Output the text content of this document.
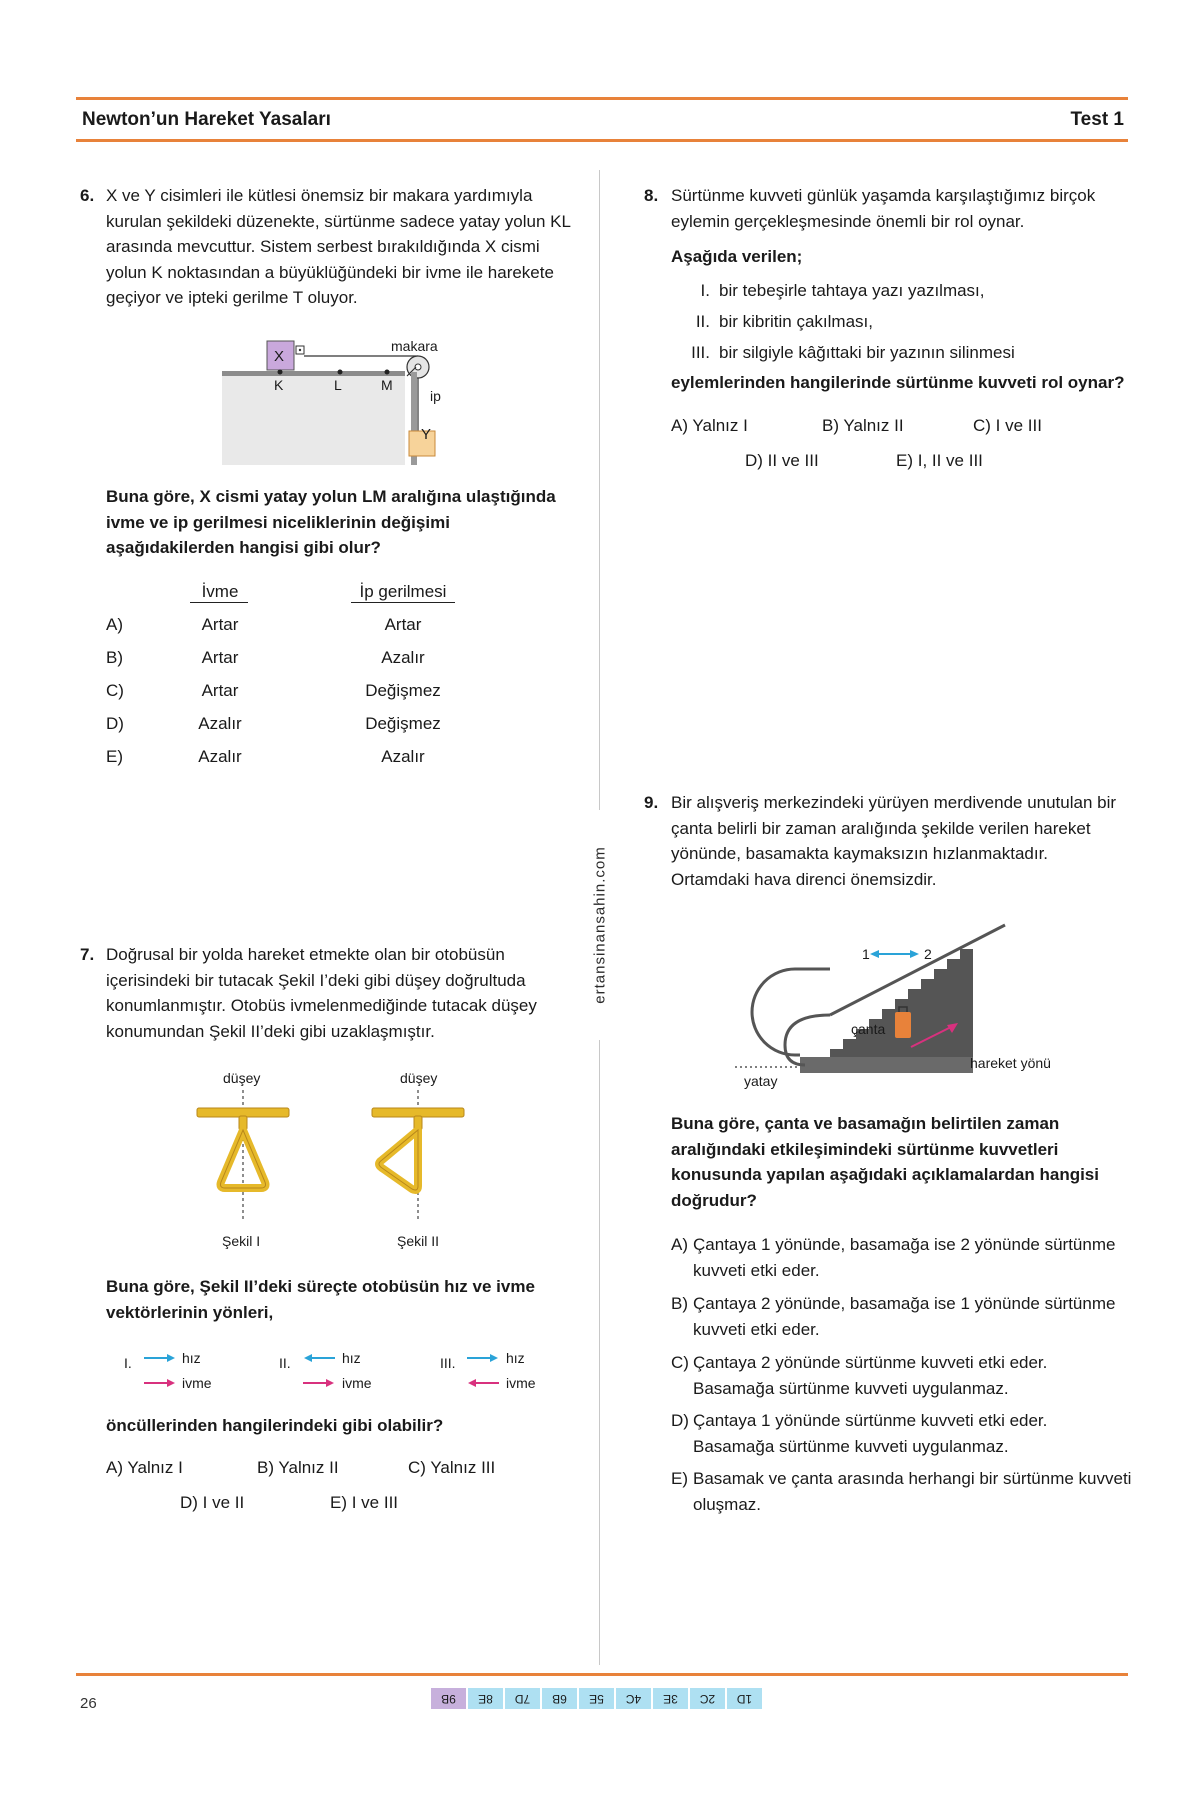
Newton’un Hareket Yasaları	Test 1
ertansinansahin.com
6. X ve Y cisimleri ile kütlesi önemsiz bir makara yardımıyla kurulan şekildeki düzenekte, sürtünme sadece yatay yolun KL arasında mevcuttur. Sistem serbest bırakıldığında X cismi yolun K noktasından a büyüklüğündeki bir ivme ile harekete geçiyor ve ipteki gerilme T oluyor.
X
Y
K	L	M
makara
ip
Buna göre, X cismi yatay yolun LM aralığına ulaştığında ivme ve ip gerilmesi niceliklerinin değişimi aşağıdakilerden hangisi gibi olur?
İvme	İp gerilmesi
A)	Artar	Artar
B)	Artar	Azalır
C)	Artar	Değişmez
D)	Azalır	Değişmez
E)	Azalır	Azalır
7. Doğrusal bir yolda hareket etmekte olan bir otobüsün içerisindeki bir tutacak Şekil I’deki gibi düşey doğrultuda konumlanmıştır. Otobüs ivmelenmediğinde tutacak düşey konumundan Şekil II’deki gibi uzaklaşmıştır.
düşey	düşey
Şekil I	Şekil II
Buna göre, Şekil II’deki süreçte otobüsün hız ve ivme vektörlerinin yönleri,
I.	hız
ivme
II.	hız
ivme
III.	hız
ivme
öncüllerinden hangilerindeki gibi olabilir?
A) Yalnız I	B) Yalnız II	C) Yalnız III
D) I ve II	E) I ve III
8. Sürtünme kuvveti günlük yaşamda karşılaştığımız birçok eylemin gerçekleşmesinde önemli bir rol oynar.
Aşağıda verilen;
I. bir tebeşirle tahtaya yazı yazılması,
II. bir kibritin çakılması,
III. bir silgiyle kâğıttaki bir yazının silinmesi
eylemlerinden hangilerinde sürtünme kuvveti rol oynar?
A) Yalnız I	B) Yalnız II	C) I ve III
D) II ve III	E) I, II ve III
9. Bir alışveriş merkezindeki yürüyen merdivende unutulan bir çanta belirli bir zaman aralığında şekilde verilen hareket yönünde, basamakta kaymaksızın hızlanmaktadır. Ortamdaki hava direnci önemsizdir.
1	2
çanta
yatay
hareket yönü
Buna göre, çanta ve basamağın belirtilen zaman aralığındaki etkileşimindeki sürtünme kuvvetleri konusunda yapılan aşağıdaki açıklamalardan hangisi doğrudur?
A) Çantaya 1 yönünde, basamağa ise 2 yönünde sürtünme kuvveti etki eder.
B) Çantaya 2 yönünde, basamağa ise 1 yönünde sürtünme kuvveti etki eder.
C) Çantaya 2 yönünde sürtünme kuvveti etki eder. Basamağa sürtünme kuvveti uygulanmaz.
D) Çantaya 1 yönünde sürtünme kuvveti etki eder. Basamağa sürtünme kuvveti uygulanmaz.
E) Basamak ve çanta arasında herhangi bir sürtünme kuvveti oluşmaz.
26	9B	8E	7D	6B	5E	4C	3E	2C	1D
